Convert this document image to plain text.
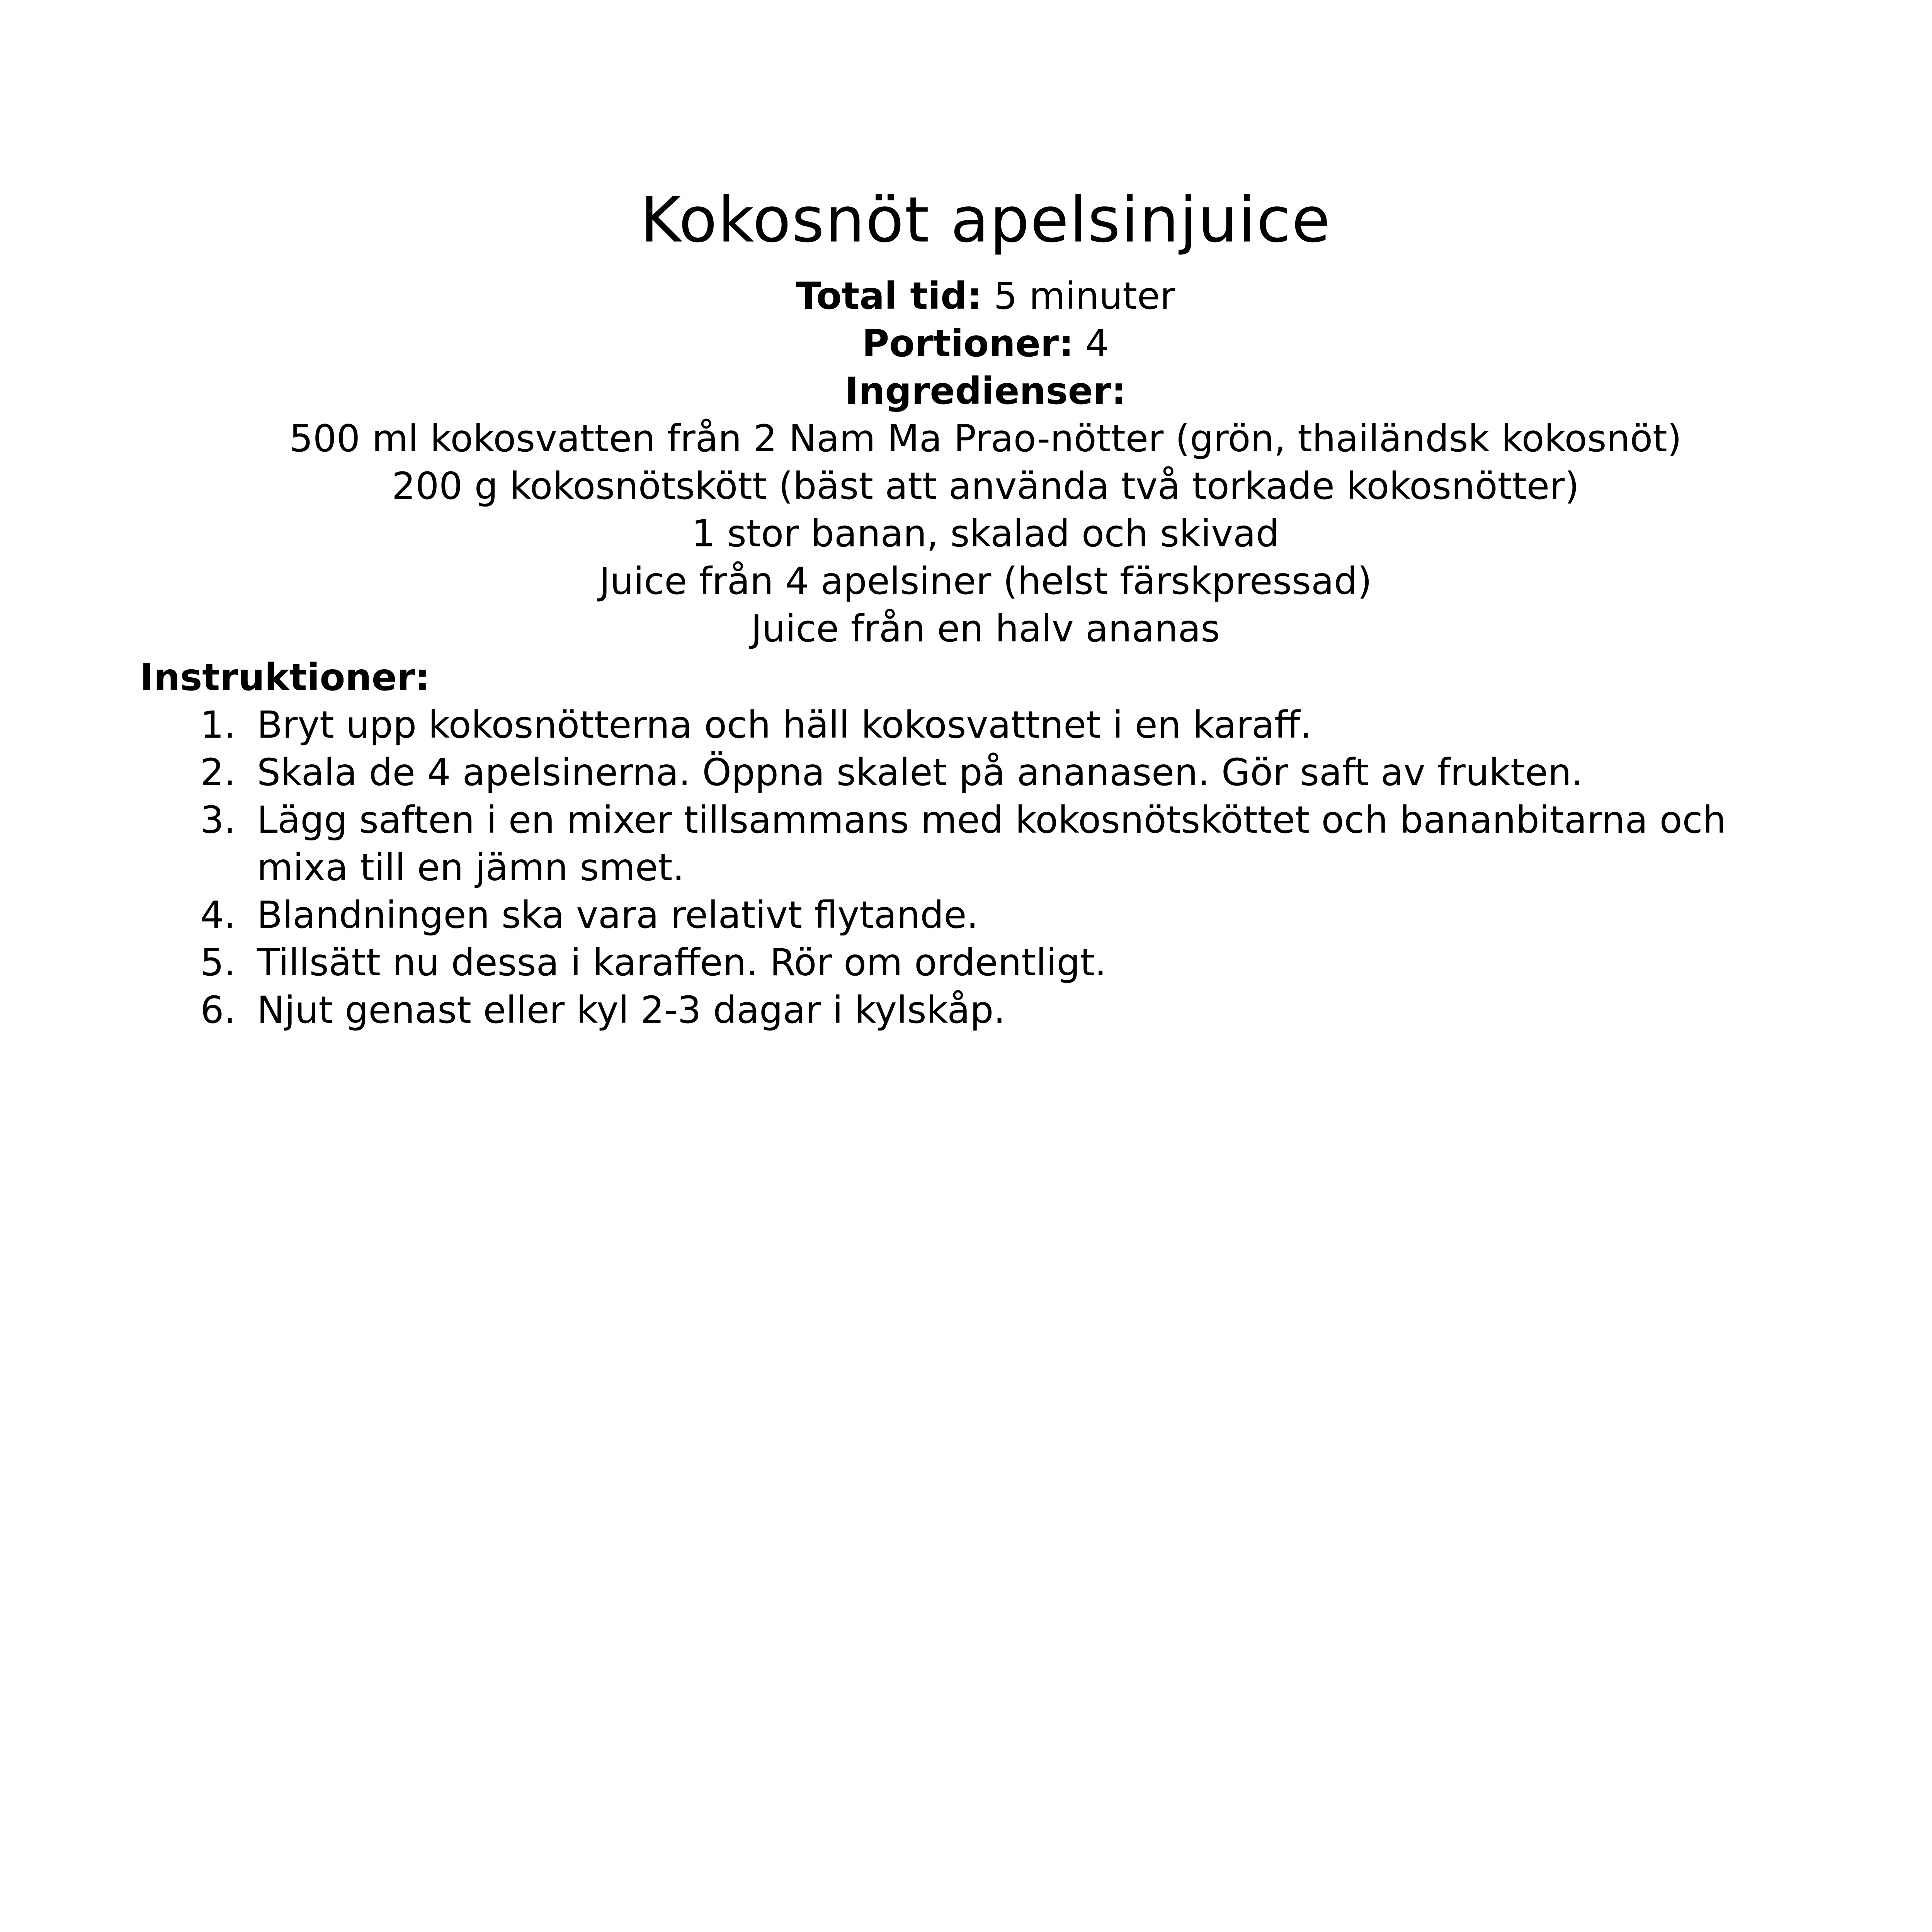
Kokosnöt apelsinjuice
Total tid: 5 minuter
Portioner: 4
Ingredienser:
500 ml kokosvatten från 2 Nam Ma Prao-nötter (grön, thailändsk kokosnöt)
200 g kokosnötskött (bäst att använda två torkade kokosnötter)
1 stor banan, skalad och skivad
Juice från 4 apelsiner (helst färskpressad)
Juice från en halv ananas
Instruktioner:
1. Bryt upp kokosnötterna och häll kokosvattnet i en karaff.
2. Skala de 4 apelsinerna. Öppna skalet på ananasen. Gör saft av frukten.
3. Lägg saften i en mixer tillsammans med kokosnötsköttet och bananbitarna och mixa till en jämn smet.
4. Blandningen ska vara relativt flytande.
5. Tillsätt nu dessa i karaffen. Rör om ordentligt.
6. Njut genast eller kyl 2-3 dagar i kylskåp.
